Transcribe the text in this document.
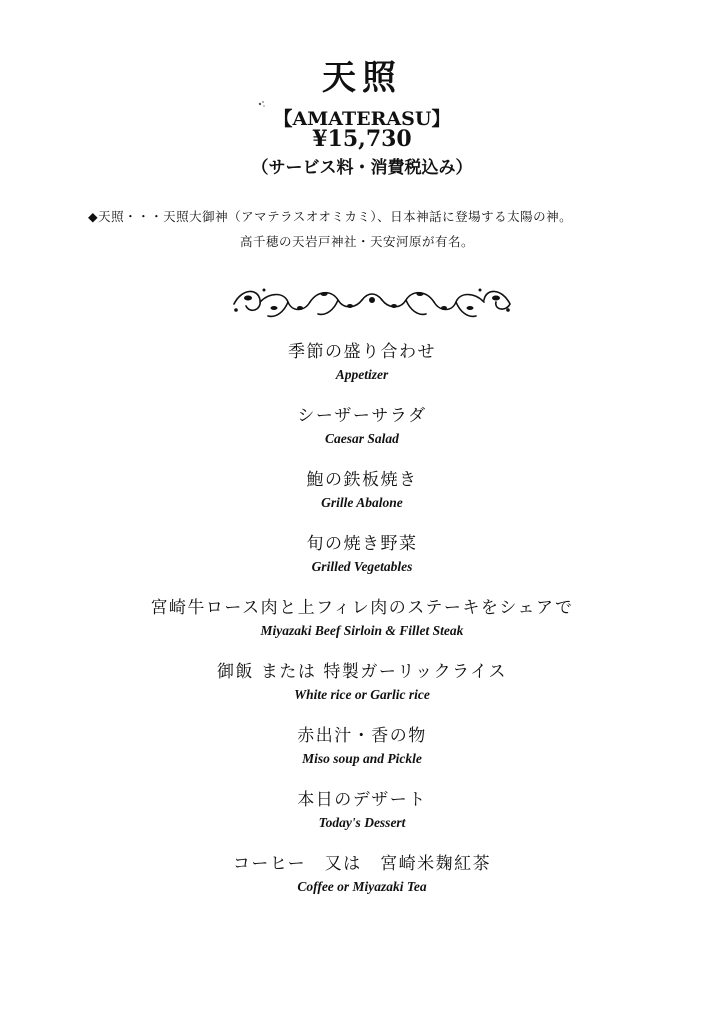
天照
【AMATERASU】
¥15,730
（サービス料・消費税込み）
◆天照・・・天照大御神（アマテラスオオミカミ）、日本神話に登場する太陽の神。
高千穂の天岩戸神社・天安河原が有名。
季節の盛り合わせ
Appetizer
シーザーサラダ
Caesar Salad
鮑の鉄板焼き
Grille Abalone
旬の焼き野菜
Grilled Vegetables
宮崎牛ロース肉と上フィレ肉のステーキをシェアで
Miyazaki Beef Sirloin & Fillet Steak
御飯 または 特製ガーリックライス
White rice or Garlic rice
赤出汁・香の物
Miso soup and Pickle
本日のデザート
Today's Dessert
コーヒー　又は　宮崎米麹紅茶
Coffee or Miyazaki Tea
